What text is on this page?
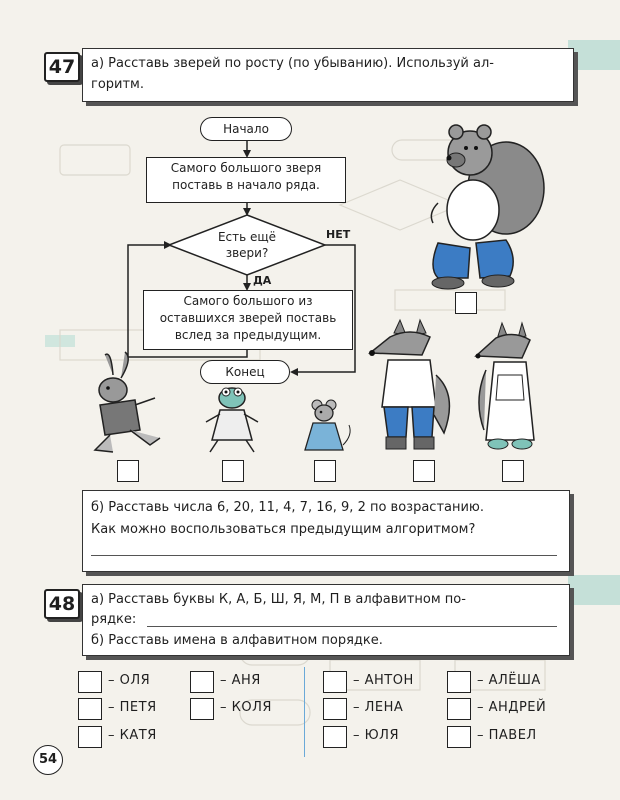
47	а) Расставь зверей по росту (по убыванию). Используй ал-
горитм.
Начало
Самого большого зверя
поставь в начало ряда.
Есть ещё
звери?
НЕТ
ДА
Самого большого из
оставшихся зверей поставь
вслед за предыдущим.
Конец
б) Расставь числа 6, 20, 11, 4, 7, 16, 9, 2 по возрастанию.
Как можно воспользоваться предыдущим алгоритмом?
48	а) Расставь буквы К, А, Б, Ш, Я, М, П в алфавитном по-
рядке:
б) Расставь имена в алфавитном порядке.
– ОЛЯ	– АНЯ
– ПЕТЯ	– КОЛЯ
– КАТЯ
– АНТОН	– АЛЁША
– ЛЕНА	– АНДРЕЙ
– ЮЛЯ	– ПАВЕЛ
54
